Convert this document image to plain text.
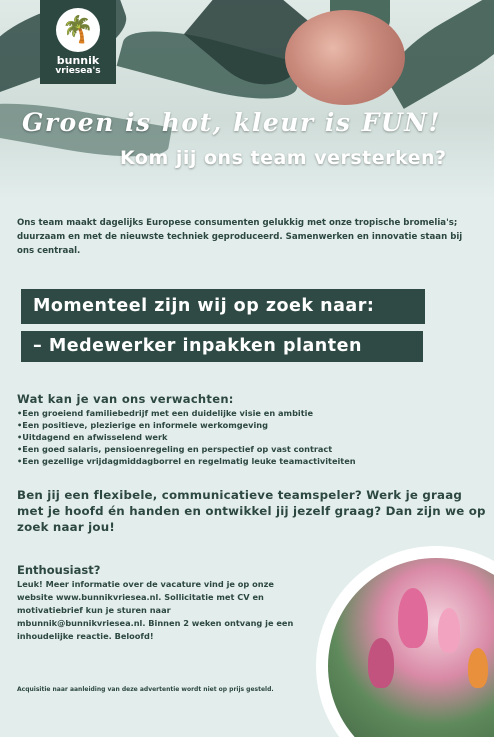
🌴
bunnik
vriesea's
Groen is hot, kleur is FUN!
Kom jij ons team versterken?
Ons team maakt dagelijks Europese consumenten gelukkig met onze tropische bromelia's; duurzaam en met de nieuwste techniek geproduceerd. Samenwerken en innovatie staan bij ons centraal.
Momenteel zijn wij op zoek naar:
– Medewerker inpakken planten
Wat kan je van ons verwachten:
•Een groeiend familiebedrijf met een duidelijke visie en ambitie
•Een positieve, plezierige en informele werkomgeving
•Uitdagend en afwisselend werk
•Een goed salaris, pensioenregeling en perspectief op vast contract
•Een gezellige vrijdagmiddagborrel en regelmatig leuke teamactiviteiten
Ben jij een flexibele, communicatieve teamspeler? Werk je graag met je hoofd én handen en ontwikkel jij jezelf graag? Dan zijn we op zoek naar jou!
Enthousiast?
Leuk! Meer informatie over de vacature vind je op onze website www.bunnikvriesea.nl. Sollicitatie met CV en motivatiebrief kun je sturen naar mbunnik@bunnikvriesea.nl. Binnen 2 weken ontvang je een inhoudelijke reactie. Beloofd!
Acquisitie naar aanleiding van deze advertentie wordt niet op prijs gesteld.
